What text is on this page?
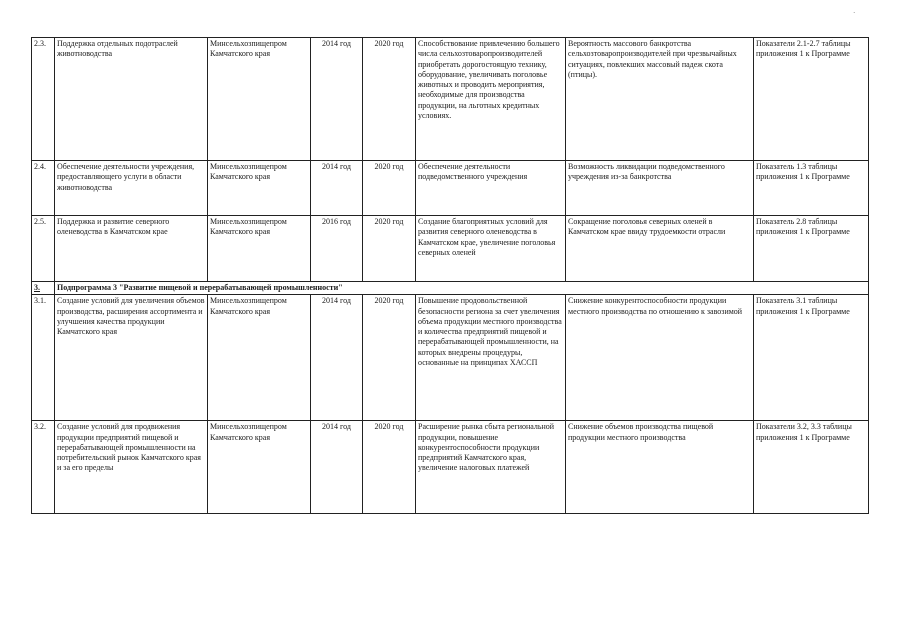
·
2.3.	Поддержка отдельных подотраслей животноводства	Минсельхозпищепром Камчатского края	2014 год	2020 год	Способствование привлечению большего числа сельхозтоваропроизводителей приобретать дорогостоящую технику, оборудование, увеличивать поголовье животных и проводить мероприятия, необходимые для производства продукции, на льготных кредитных условиях.	Вероятность массового банкротства сельхозтоваропроизводителей при чрезвычайных ситуациях, повлекших массовый падеж скота (птицы).	Показатели 2.1-2.7 таблицы приложения 1 к Программе
2.4.	Обеспечение деятельности учреждения, предоставляющего услуги в области животноводства	Минсельхозпищепром Камчатского края	2014 год	2020 год	Обеспечение деятельности подведомственного учреждения	Возможность ликвидации подведомственного учреждения из-за банкротства	Показатель 1.3 таблицы приложения 1 к Программе
2.5.	Поддержка и развитие северного оленеводства в Камчатском крае	Минсельхозпищепром Камчатского края	2016 год	2020 год	Создание благоприятных условий для развития северного оленеводства в Камчатском крае, увеличение поголовья северных оленей	Сокращение поголовья северных оленей в Камчатском крае ввиду трудоемкости отрасли	Показатель 2.8 таблицы приложения 1 к Программе
3.	Подпрограмма 3 "Развитие пищевой и перерабатывающей промышленности"						
3.1.	Создание условий для увеличения объемов производства, расширения ассортимента и улучшения качества продукции Камчатского края	Минсельхозпищепром Камчатского края	2014 год	2020 год	Повышение продовольственной безопасности региона за счет увеличения объема продукции местного производства и количества предприятий пищевой и перерабатывающей промышленности, на которых внедрены процедуры, основанные на принципах ХАССП	Снижение конкурентоспособности продукции местного производства по отношению к завозимой	Показатель 3.1 таблицы приложения 1 к Программе
3.2.	Создание условий для продвижения продукции предприятий пищевой и перерабатывающей промышленности на потребительский рынок Камчатского края и за его пределы	Минсельхозпищепром Камчатского края	2014 год	2020 год	Расширение рынка сбыта региональной продукции, повышение конкурентоспособности продукции предприятий Камчатского края, увеличение налоговых платежей	Снижение объемов производства пищевой продукции местного производства	Показатели 3.2, 3.3 таблицы приложения 1 к Программе
